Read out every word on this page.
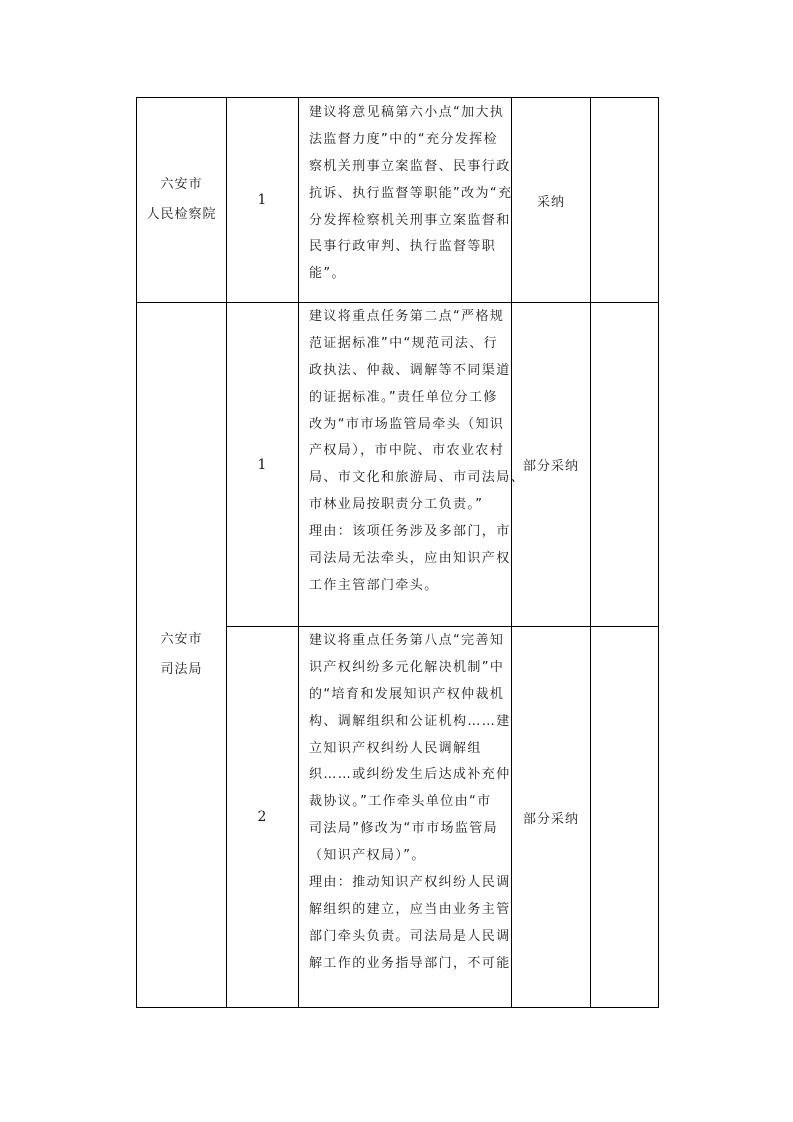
六安市
人民检察院
1
建议将意见稿第六小点“加大执
法监督力度”中的“充分发挥检
察机关刑事立案监督、民事行政
抗诉、执行监督等职能”改为“充
分发挥检察机关刑事立案监督和
民事行政审判、执行监督等职
能”。
采纳
六安市
司法局
1
建议将重点任务第二点“严格规
范证据标准”中“规范司法、行
政执法、仲裁、调解等不同渠道
的证据标准。”责任单位分工修
改为“市市场监管局牵头（知识
产权局），市中院、市农业农村
局、市文化和旅游局、市司法局、
市林业局按职责分工负责。”
理由：该项任务涉及多部门，市
司法局无法牵头，应由知识产权
工作主管部门牵头。
部分采纳
2
建议将重点任务第八点“完善知
识产权纠纷多元化解决机制”中
的“培育和发展知识产权仲裁机
构、调解组织和公证机构……建
立知识产权纠纷人民调解组
织……或纠纷发生后达成补充仲
裁协议。”工作牵头单位由“市
司法局”修改为“市市场监管局
（知识产权局）”。
理由：推动知识产权纠纷人民调
解组织的建立，应当由业务主管
部门牵头负责。司法局是人民调
解工作的业务指导部门，不可能
部分采纳
